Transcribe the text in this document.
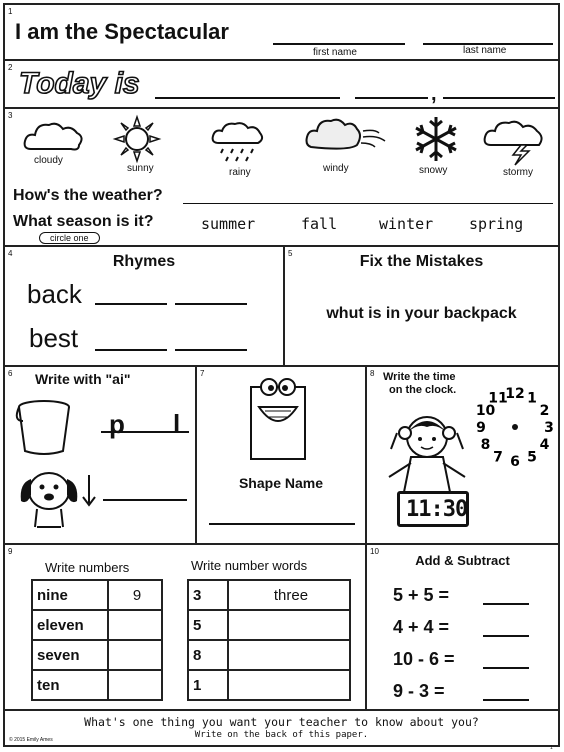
1
I am the Spectacular
first name	last name
2 Today is	,
3
cloudy
sunny	rainy	windy	snowy	stormy
How's the weather?
What season is it?
circle one
summer	fall	winter spring
4	Rhymes
back
best
5	Fix the Mistakes
whut is in your backpack
6 Write with "ai"
p l
7
Shape Name
8 Write the time
on the clock.	12 1
2
3
4
5
6
7
8
9
10
11
11:30
9
Write numbers	Write number words
nine	9
eleven	
seven	
ten	
3	three
5	
8	
1	
10
Add & Subtract
5 + 5 =
4 + 4 =
10 - 6 =
9 - 3 =
What's one thing you want your teacher to know about you?
Write on the back of this paper.
© 2015 Emily Ames
1
